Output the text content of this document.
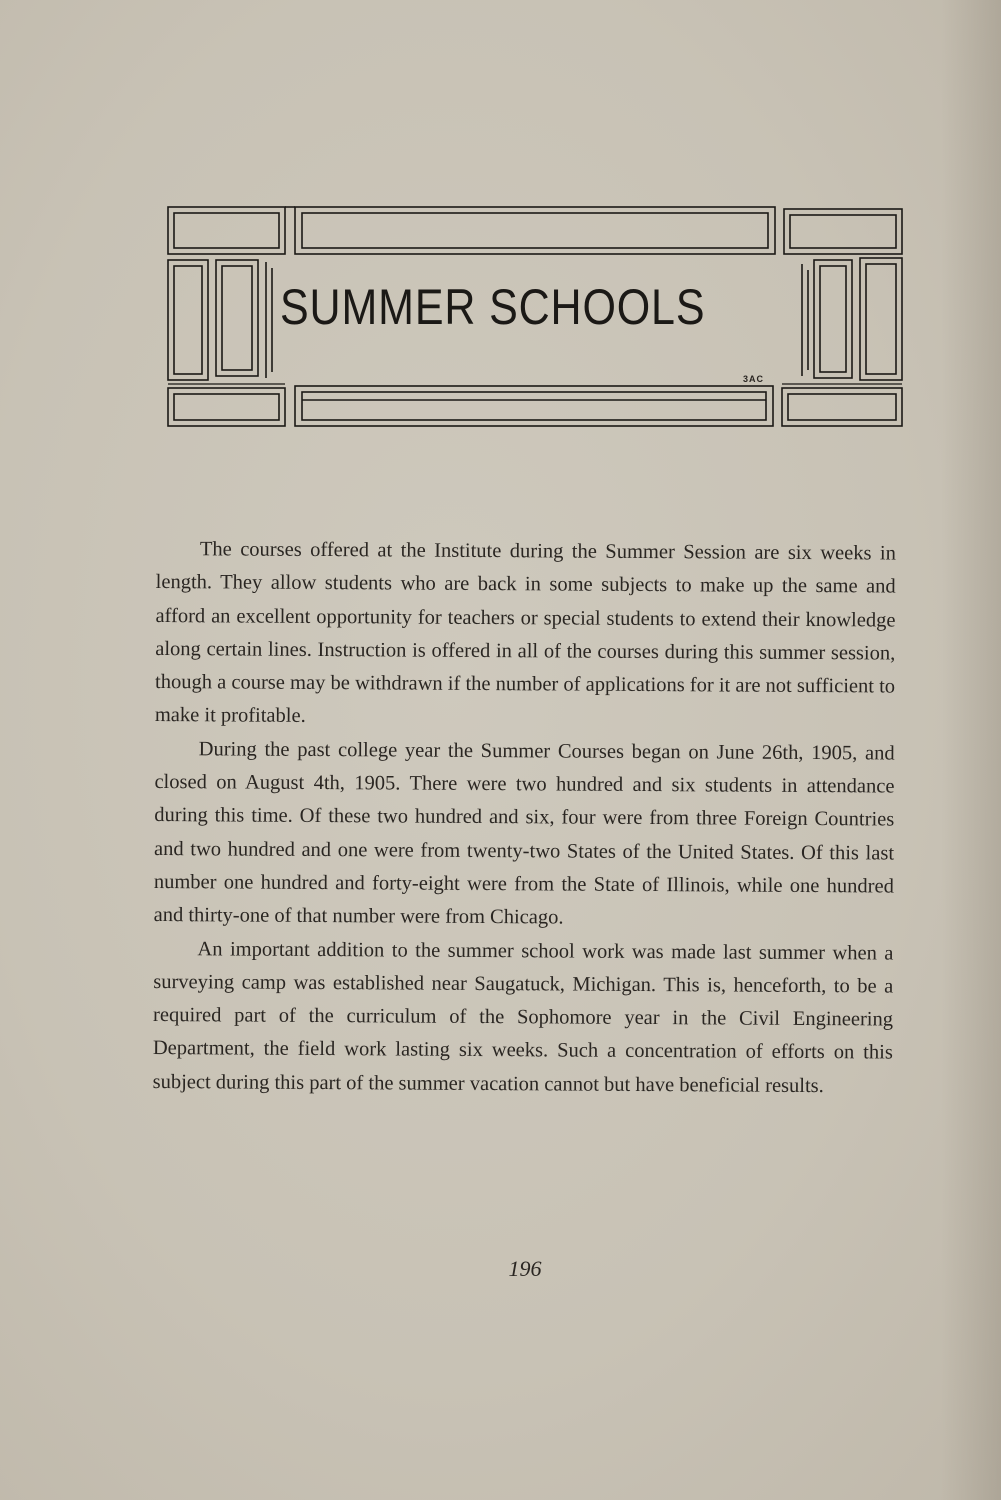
SUMMER SCHOOLS
3AC

The courses offered at the Institute during the Summer Session are six weeks in length. They allow students who are back in some subjects to make up the same and afford an excellent opportunity for teachers or special students to extend their knowledge along certain lines. Instruction is offered in all of the courses during this summer session, though a course may be withdrawn if the number of applications for it are not sufficient to make it profitable.

During the past college year the Summer Courses began on June 26th, 1905, and closed on August 4th, 1905. There were two hundred and six students in attendance during this time. Of these two hundred and six, four were from three Foreign Countries and two hundred and one were from twenty-two States of the United States. Of this last number one hundred and forty-eight were from the State of Illinois, while one hundred and thirty-one of that number were from Chicago.

An important addition to the summer school work was made last summer when a surveying camp was established near Saugatuck, Michigan. This is, henceforth, to be a required part of the curriculum of the Sophomore year in the Civil Engineering Department, the field work lasting six weeks. Such a concentration of efforts on this subject during this part of the summer vacation cannot but have beneficial results.

196
